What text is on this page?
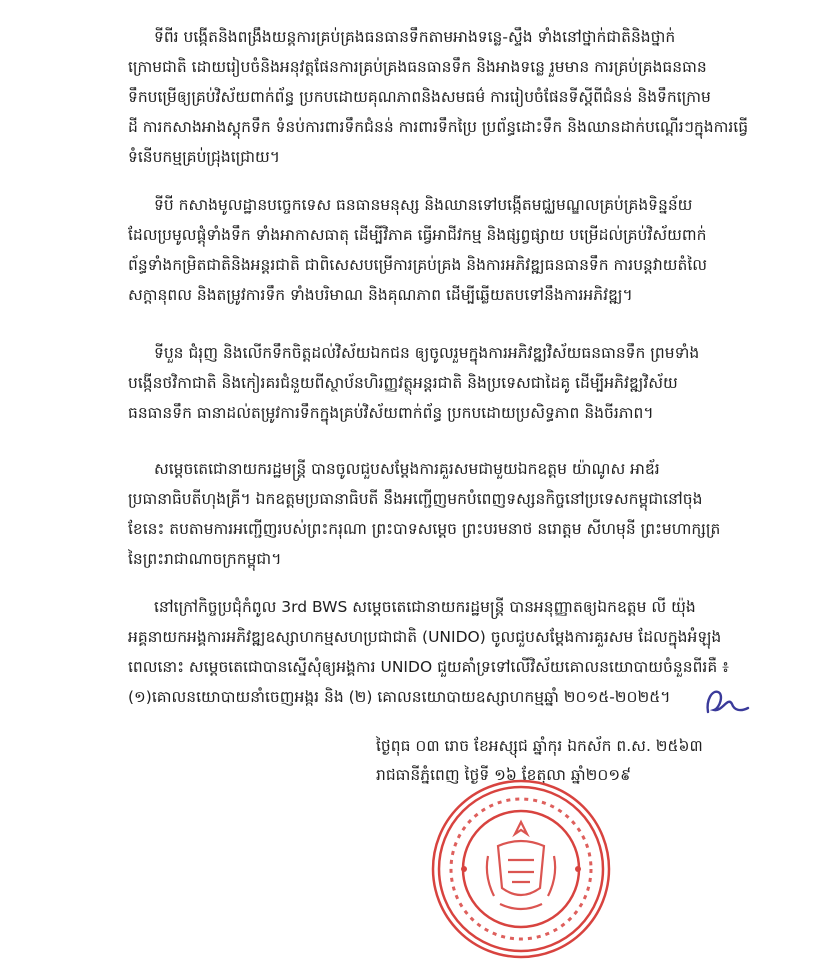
ទីពីរ បង្កើតនិងពង្រឹងយន្តការគ្រប់គ្រងធនធានទឹកតាមអាងទន្លេ-ស្ទឹង ទាំងនៅថ្នាក់ជាតិនិងថ្នាក់
ក្រោមជាតិ ដោយរៀបចំនិងអនុវត្តផែនការគ្រប់គ្រងធនធានទឹក និងអាងទន្លេ រួមមាន ការគ្រប់គ្រងធនធាន
ទឹកបម្រើឲ្យគ្រប់វិស័យពាក់ព័ន្ធ ប្រកបដោយគុណភាពនិងសមធម៌ ការរៀបចំផែនទីស្តីពីជំនន់ និងទឹកក្រោម
ដី ការកសាងអាងស្តុកទឹក ទំនប់ការពារទឹកជំនន់ ការពារទឹកប្រៃ ប្រព័ន្ធដោះទឹក និងឈានដាក់បណ្តើរៗក្នុងការធ្វើ
ទំនើបកម្មគ្រប់ជ្រុងជ្រោយ។
ទីបី កសាងមូលដ្ឋានបច្ចេកទេស ធនធានមនុស្ស និងឈានទៅបង្កើតមជ្ឈមណ្ឌលគ្រប់គ្រងទិន្នន័យ
ដែលប្រមូលផ្តុំទាំងទឹក ទាំងអាកាសធាតុ ដើម្បីវិភាគ ធ្វើអាជីវកម្ម និងផ្សព្វផ្សាយ បម្រើដល់គ្រប់វិស័យពាក់
ព័ន្ធទាំងកម្រិតជាតិនិងអន្តរជាតិ ជាពិសេសបម្រើការគ្រប់គ្រង និងការអភិវឌ្ឍធនធានទឹក ការបន្តវាយតំលៃ
សក្តានុពល និងតម្រូវការទឹក ទាំងបរិមាណ និងគុណភាព ដើម្បីឆ្លើយតបទៅនឹងការអភិវឌ្ឍ។
ទីបួន ជំរុញ និងលើកទឹកចិត្តដល់វិស័យឯកជន ឲ្យចូលរួមក្នុងការអភិវឌ្ឍវិស័យធនធានទឹក ព្រមទាំង
បង្កើនថវិកាជាតិ និងកៀរគរជំនួយពីស្ថាប័នហិរញ្ញវត្ថុអន្តរជាតិ និងប្រទេសជាដៃគូ ដើម្បីអភិវឌ្ឍវិស័យ
ធនធានទឹក ធានាដល់តម្រូវការទឹកក្នុងគ្រប់វិស័យពាក់ព័ន្ធ ប្រកបដោយប្រសិទ្ធភាព និងចីរភាព។
សម្តេចតេជោនាយករដ្ឋមន្ត្រី បានចូលជួបសម្តែងការគួរសមជាមួយឯកឧត្តម យ៉ាណូស អាឌ័រ
ប្រធានាធិបតីហុងគ្រី។ ឯកឧត្តមប្រធានាធិបតី នឹងអញ្ជើញមកបំពេញទស្សនកិច្ចនៅប្រទេសកម្ពុជានៅចុង
ខែនេះ តបតាមការអញ្ជើញរបស់ព្រះករុណា ព្រះបាទសម្តេច ព្រះបរមនាថ នរោត្តម សីហមុនី ព្រះមហាក្សត្រ
នៃព្រះរាជាណាចក្រកម្ពុជា។
នៅក្រៅកិច្ចប្រជុំកំពូល 3rd BWS សម្តេចតេជោនាយករដ្ឋមន្ត្រី បានអនុញ្ញាតឲ្យឯកឧត្តម លី យ៉ុង
អគ្គនាយកអង្គការអភិវឌ្ឍឧស្សាហកម្មសហប្រជាជាតិ (UNIDO) ចូលជួបសម្តែងការគួរសម ដែលក្នុងអំឡុង
ពេលនោះ សម្តេចតេជោបានស្នើសុំឲ្យអង្គការ UNIDO ជួយគាំទ្រទៅលើវិស័យគោលនយោបាយចំនួនពីរគឺ ៖
(១)គោលនយោបាយនាំចេញអង្ករ និង (២) គោលនយោបាយឧស្សាហកម្មឆ្នាំ ២០១៥-២០២៥។
ថ្ងៃពុធ ០៣ រោច ខែអស្សុជ ឆ្នាំកុរ ឯកស័ក ព.ស. ២៥៦៣
រាជធានីភ្នំពេញ ថ្ងៃទី ១៦ ខែតុលា ឆ្នាំ២០១៩
